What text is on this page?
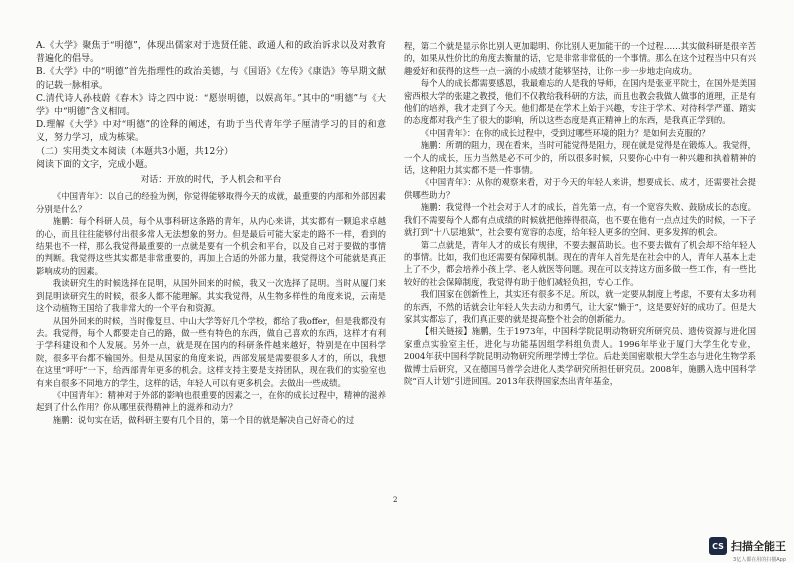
A.《大学》聚焦于“明德”，体现出儒家对于选贤任能、政通人和的政治诉求以及对教育普遍化的倡导。

B.《大学》中的“明德”首先指理性的政治美德，与《国语》《左传》《康诰》等早期文献的记载一脉相承。

C.清代诗人孙枝蔚《春木》诗之四中说：“愿崇明德，以娱高年。”其中的“明德”与《大学》中“明德”含义相同。

D.理解《大学》中对“明德”的诠释的阐述，有助于当代青年学子厘清学习的目的和意义，努力学习，成为栋梁。

（二）实用类文本阅读（本题共3小题，共12分）

阅读下面的文字，完成小题。

对话：开放的时代，予人机会和平台

《中国青年》：以自己的经验为例，你觉得能够取得今天的成就，最重要的内部和外部因素分别是什么？

施鹏：每个科研人员，每个从事科研这条路的青年，从内心来讲，其实都有一颗追求卓越的心，而且往往能够付出很多常人无法想象的努力。但是最后可能大家走的路不一样，看到的结果也不一样，那么我觉得最重要的一点就是要有一个机会和平台，以及自己对于要做的事情的判断。我觉得这些其实都是非常重要的，再加上合适的外部力量，我觉得这个可能就是真正影响成功的因素。

我读研究生的时候选择在昆明，从国外回来的时候，我又一次选择了昆明。当时从厦门来到昆明读研究生的时候，很多人都不能理解。其实我觉得，从生物多样性的角度来说，云南是这个动植物王国给了我非常大的一个平台和资源。

从国外回来的时候，当时像复旦、中山大学等好几个学校，都给了我offer，但是我都没有去。我觉得，每个人都要走自己的路，做一些有特色的东西，做自己喜欢的东西，这样才有利于学科建设和个人发展。另外一点，就是现在国内的科研条件越来越好，特别是在中国科学院，很多平台都不输国外。但是从国家的角度来说，西部发展是需要很多人才的，所以，我想在这里“呼吁”一下，给西部青年更多的机会。这样支持主要是支持团队，现在我们的实验室也有来自很多不同地方的学生，这样的话，年轻人可以有更多机会。去做出一些成绩。

《中国青年》：精神对于外部的影响也很重要的因素之一，在你的成长过程中，精神的滋养起到了什么作用？你从哪里获得精神上的滋养和动力？

施鹏：说句实在话，做科研主要有几个目的，第一个目的就是解决自己好奇心的过

程，第二个就是显示你比别人更加聪明、你比别人更加能干的一个过程……其实做科研是很辛苦的，如果从性价比的角度去衡量的话，它是非常非常低的一个事情。那么在这个过程当中只有兴趣爱好和获得的这些一点一滴的小成绩才能够坚持，让你一步一步地走向成功。

每个人的成长都需要感恩，我最难忘的人是我的导师，在国内是张亚平院士，在国外是美国密西根大学的张建之教授，他们不仅教给我科研的方法，而且也教会我做人做事的道理，正是有他们的培养，我才走到了今天。他们都是在学术上始于兴趣，专注于学术、对待科学严谨、踏实的态度都对我产生了很大的影响，所以这些态度是真正精神上的东西，是我真正学到的。

《中国青年》：在你的成长过程中，受到过哪些环境的阻力？是如何去克服的？

施鹏：所谓的阻力，现在看来，当时可能觉得是阻力，现在就是觉得是在锻炼人。我觉得，一个人的成长，压力当然是必不可少的，所以很多时候，只要你心中有一种兴趣和执着精神的话，这种阻力其实都不是一件事情。

《中国青年》：从你的观察来看，对于今天的年轻人来讲，想要成长、成才，还需要社会提供哪些助力？

施鹏：我觉得一个社会对于人才的成长，首先第一点，有一个宽容失败、鼓励成长的态度。我们不需要每个人都有点成绩的时候就把他捧得很高，也不要在他有一点点过失的时候，一下子就打到“十八层地狱”，社会要有宽容的态度，给年轻人更多的空间、更多发挥的机会。

第二点就是，青年人才的成长有规律，不要去揠苗助长。也不要去做有了机会却不给年轻人的事情。比如，我们也还需要有保障机制。现在的青年人首先是在社会中的人，青年人基本上走上了不少，都会培养小孩上学、老人就医等问题。现在可以支持这方面多做一些工作，有一些比较好的社会保障制度，我觉得有助于他们减轻负担，专心工作。

我们国家在创新性上，其实还有很多不足。所以，就一定要从制度上考虑，不要有太多功利的东西，不然的话就会让年轻人失去动力和勇气，让大家“懒于”，这是要好好的成功了。但是大家其实都忘了，我们真正要的就是提高整个社会的创新能力。

【相关链接】施鹏，生于1973年，中国科学院昆明动物研究所研究员、遗传资源与进化国家重点实验室主任，进化与功能基因组学科组负责人。1996年毕业于厦门大学生化专业，2004年获中国科学院昆明动物研究所理学博士学位。后赴美国密歇根大学生态与进化生物学系做博士后研究，又在德国马普学会进化人类学研究所担任研究员。2008年，施鹏入选中国科学院“百人计划”引进回国。2013年获得国家杰出青年基金，

2
CS 扫描全能王
3亿人都在用的扫描App
